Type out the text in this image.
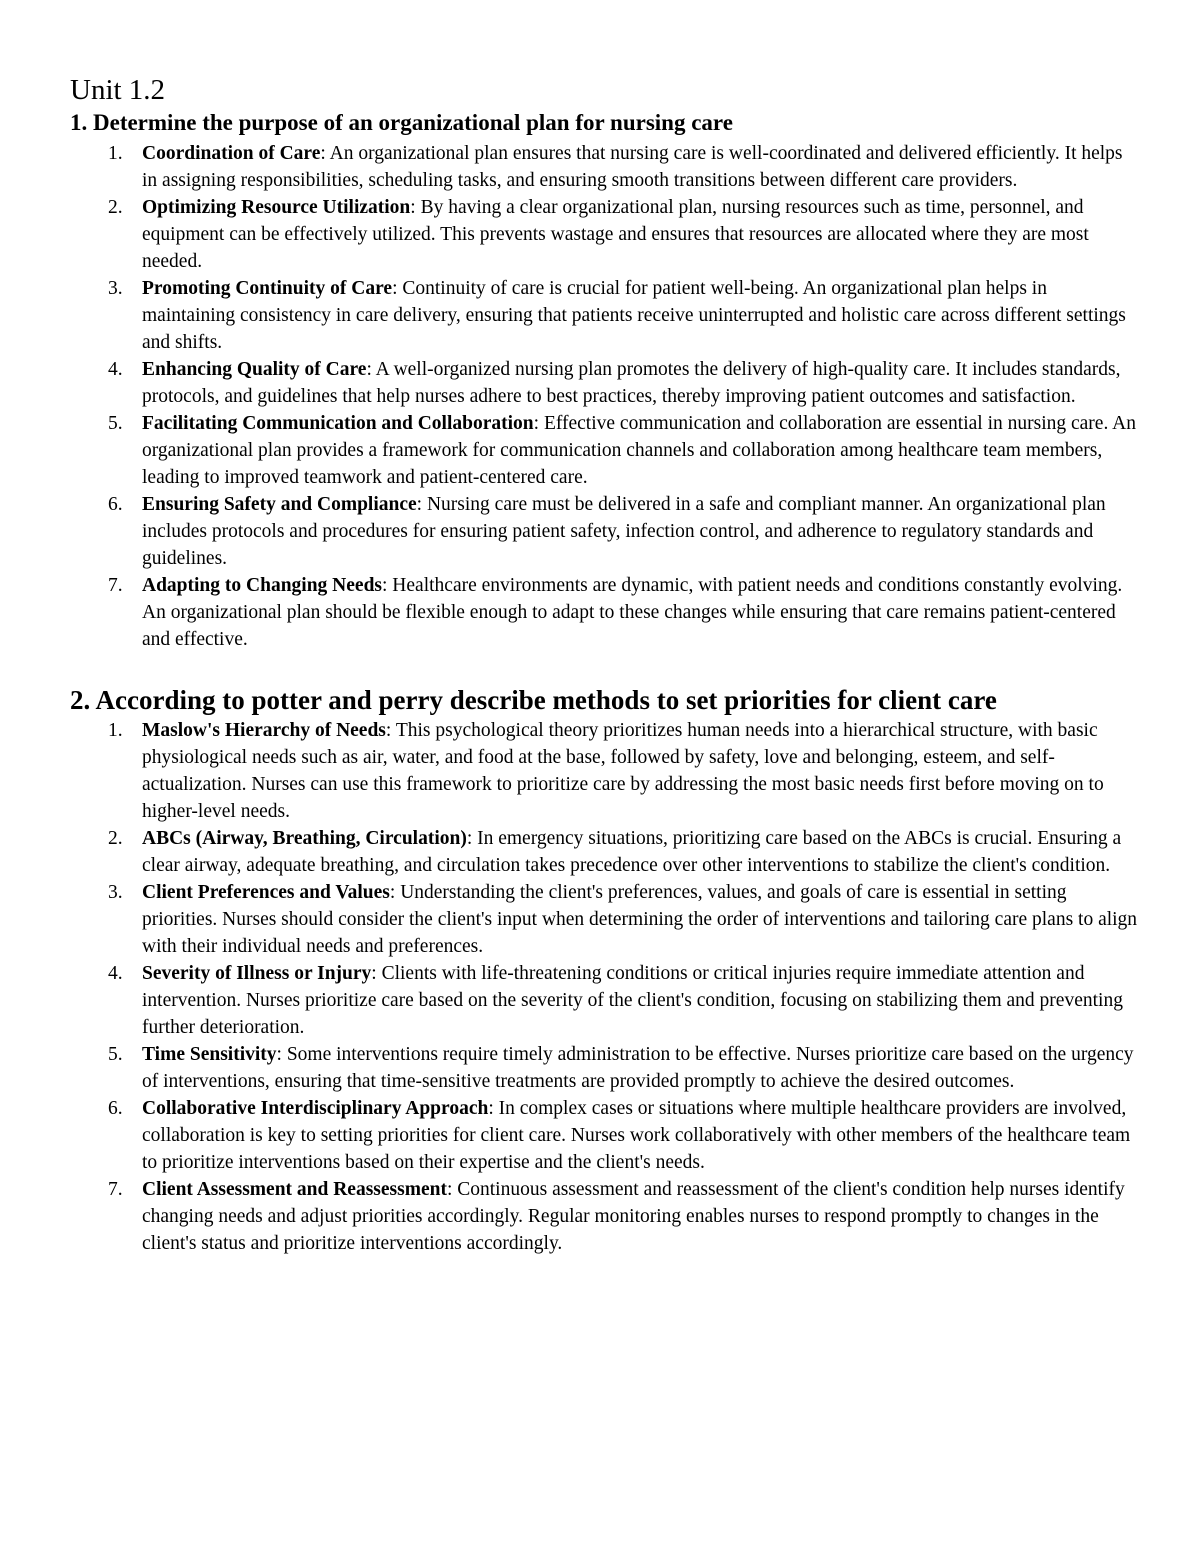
Unit 1.2
1. Determine the purpose of an organizational plan for nursing care
1. Coordination of Care: An organizational plan ensures that nursing care is well-coordinated and delivered efficiently. It helps in assigning responsibilities, scheduling tasks, and ensuring smooth transitions between different care providers.
2. Optimizing Resource Utilization: By having a clear organizational plan, nursing resources such as time, personnel, and equipment can be effectively utilized. This prevents wastage and ensures that resources are allocated where they are most needed.
3. Promoting Continuity of Care: Continuity of care is crucial for patient well-being. An organizational plan helps in maintaining consistency in care delivery, ensuring that patients receive uninterrupted and holistic care across different settings and shifts.
4. Enhancing Quality of Care: A well-organized nursing plan promotes the delivery of high-quality care. It includes standards, protocols, and guidelines that help nurses adhere to best practices, thereby improving patient outcomes and satisfaction.
5. Facilitating Communication and Collaboration: Effective communication and collaboration are essential in nursing care. An organizational plan provides a framework for communication channels and collaboration among healthcare team members, leading to improved teamwork and patient-centered care.
6. Ensuring Safety and Compliance: Nursing care must be delivered in a safe and compliant manner. An organizational plan includes protocols and procedures for ensuring patient safety, infection control, and adherence to regulatory standards and guidelines.
7. Adapting to Changing Needs: Healthcare environments are dynamic, with patient needs and conditions constantly evolving. An organizational plan should be flexible enough to adapt to these changes while ensuring that care remains patient-centered and effective.
2. According to potter and perry describe methods to set priorities for client care
1. Maslow's Hierarchy of Needs: This psychological theory prioritizes human needs into a hierarchical structure, with basic physiological needs such as air, water, and food at the base, followed by safety, love and belonging, esteem, and self-actualization. Nurses can use this framework to prioritize care by addressing the most basic needs first before moving on to higher-level needs.
2. ABCs (Airway, Breathing, Circulation): In emergency situations, prioritizing care based on the ABCs is crucial. Ensuring a clear airway, adequate breathing, and circulation takes precedence over other interventions to stabilize the client's condition.
3. Client Preferences and Values: Understanding the client's preferences, values, and goals of care is essential in setting priorities. Nurses should consider the client's input when determining the order of interventions and tailoring care plans to align with their individual needs and preferences.
4. Severity of Illness or Injury: Clients with life-threatening conditions or critical injuries require immediate attention and intervention. Nurses prioritize care based on the severity of the client's condition, focusing on stabilizing them and preventing further deterioration.
5. Time Sensitivity: Some interventions require timely administration to be effective. Nurses prioritize care based on the urgency of interventions, ensuring that time-sensitive treatments are provided promptly to achieve the desired outcomes.
6. Collaborative Interdisciplinary Approach: In complex cases or situations where multiple healthcare providers are involved, collaboration is key to setting priorities for client care. Nurses work collaboratively with other members of the healthcare team to prioritize interventions based on their expertise and the client's needs.
7. Client Assessment and Reassessment: Continuous assessment and reassessment of the client's condition help nurses identify changing needs and adjust priorities accordingly. Regular monitoring enables nurses to respond promptly to changes in the client's status and prioritize interventions accordingly.
